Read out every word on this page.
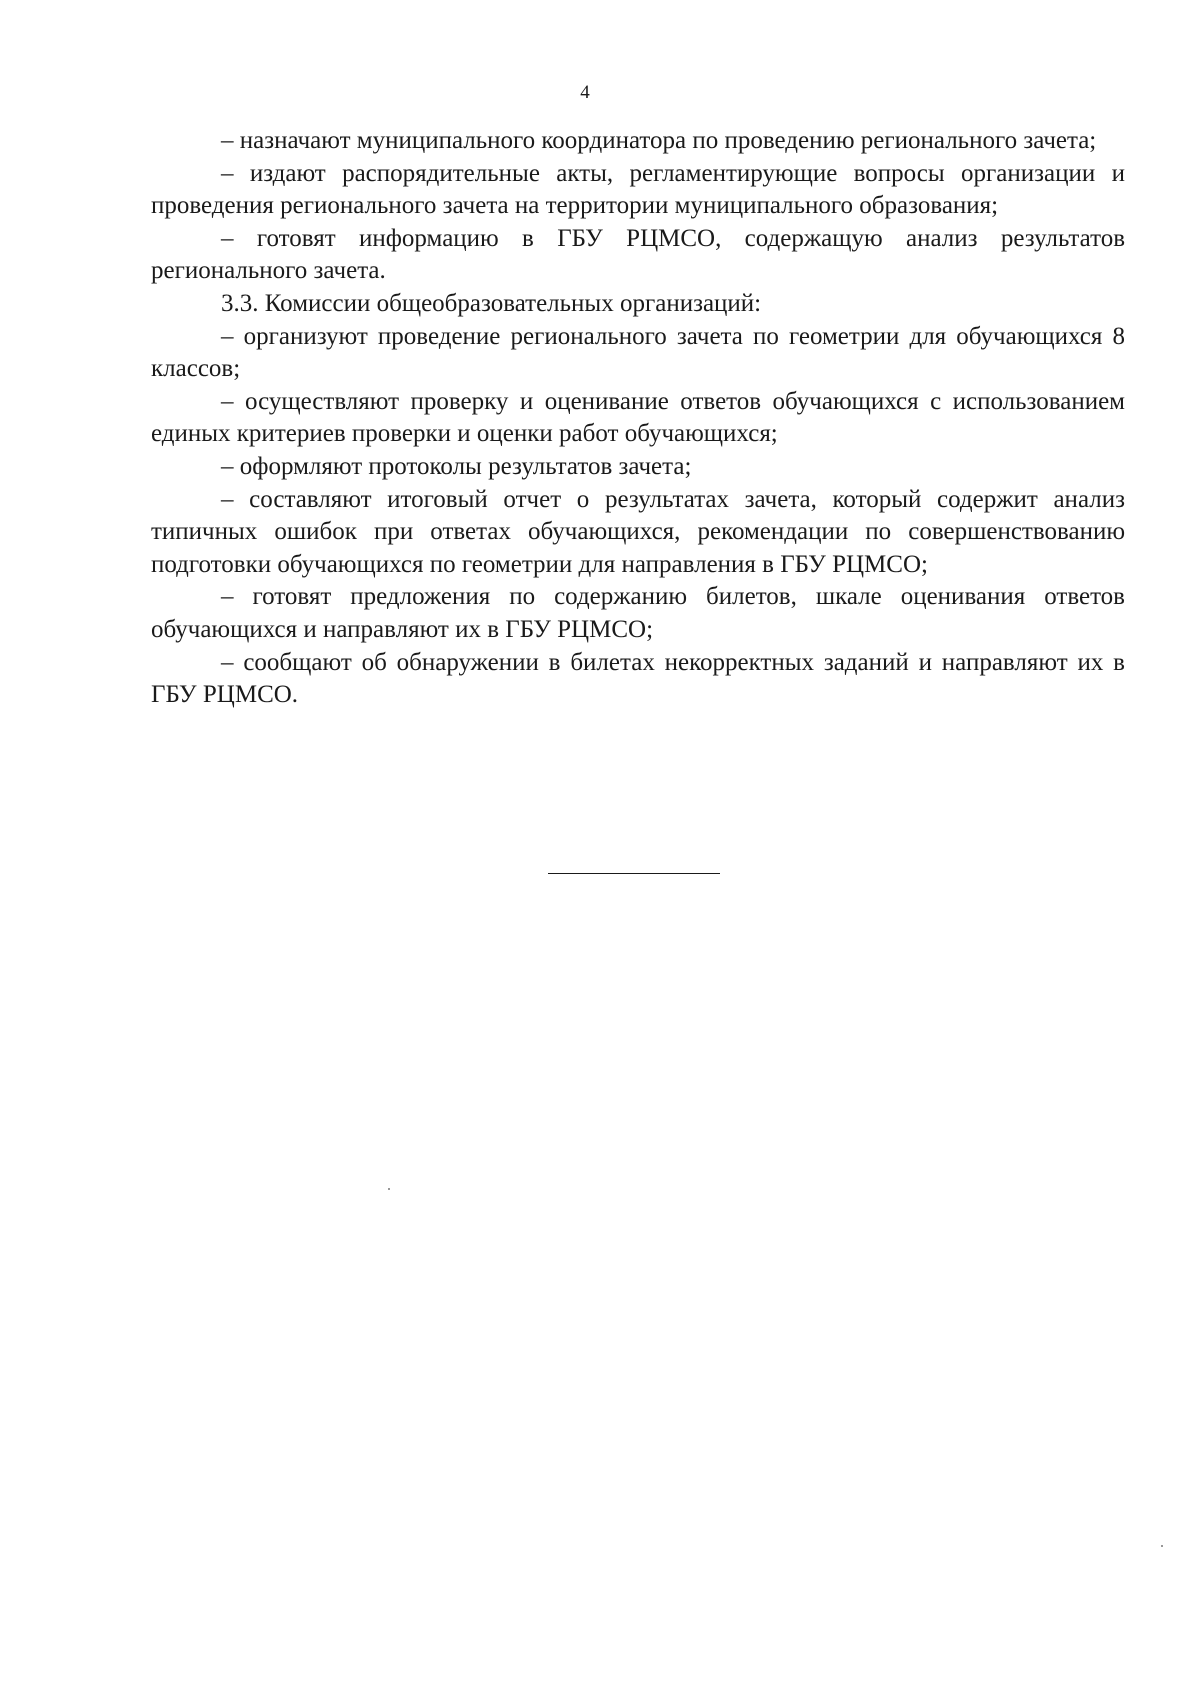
4

– назначают муниципального координатора по проведению регионального зачета;

– издают распорядительные акты, регламентирующие вопросы организации и проведения регионального зачета на территории муниципального образования;

– готовят информацию в ГБУ РЦМСО, содержащую анализ результатов регионального зачета.

3.3. Комиссии общеобразовательных организаций:

– организуют проведение регионального зачета по геометрии для обучающихся 8 классов;

– осуществляют проверку и оценивание ответов обучающихся с использованием единых критериев проверки и оценки работ обучающихся;

– оформляют протоколы результатов зачета;

– составляют итоговый отчет о результатах зачета, который содержит анализ типичных ошибок при ответах обучающихся, рекомендации по совершенствованию подготовки обучающихся по геометрии для направления в ГБУ РЦМСО;

– готовят предложения по содержанию билетов, шкале оценивания ответов обучающихся и направляют их в ГБУ РЦМСО;

– сообщают об обнаружении в билетах некорректных заданий и направляют их в ГБУ РЦМСО.
